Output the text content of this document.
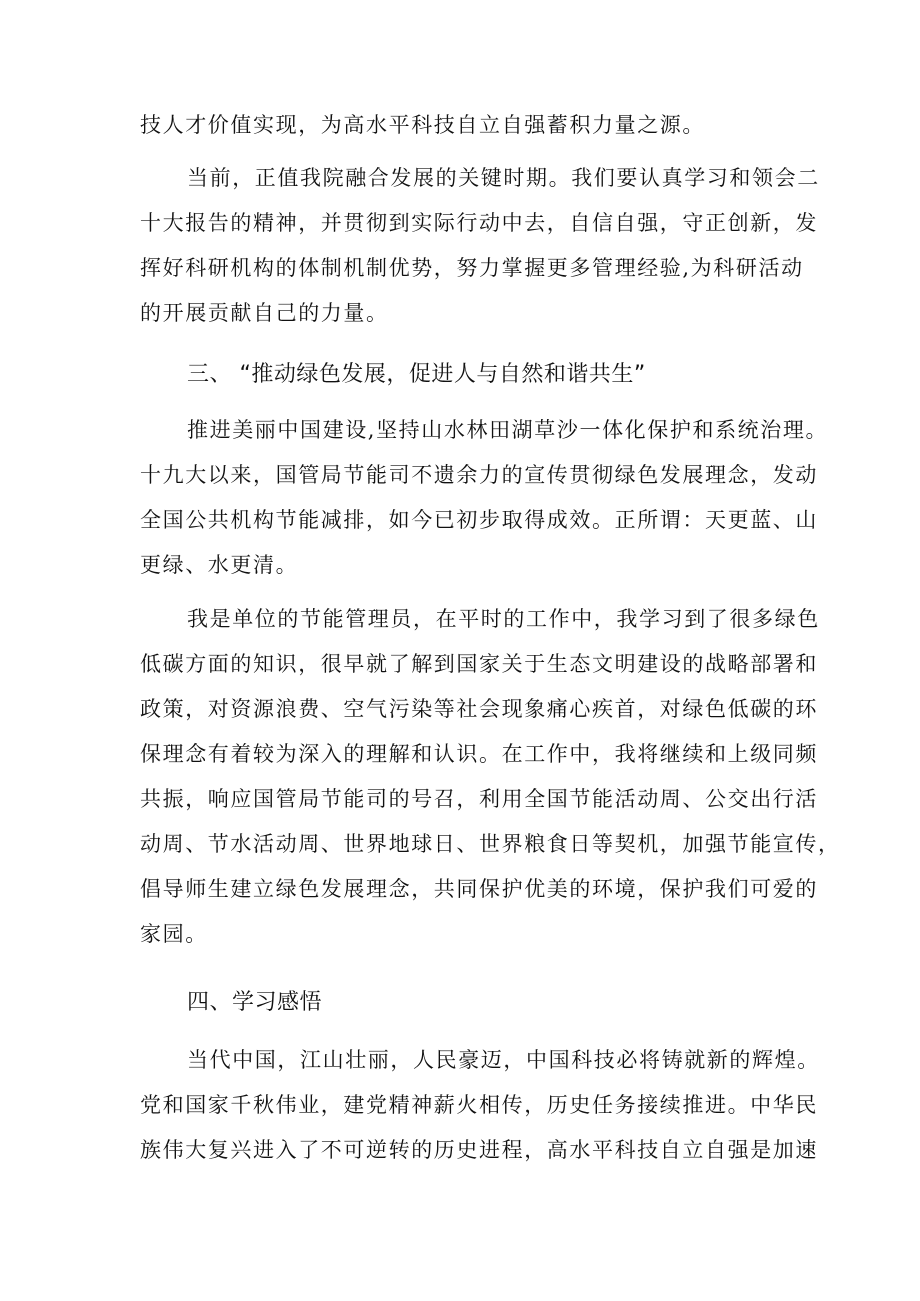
技人才价值实现，为高水平科技自立自强蓄积力量之源。
当前，正值我院融合发展的关键时期。我们要认真学习和领会二
十大报告的精神，并贯彻到实际行动中去，自信自强，守正创新，发
挥好科研机构的体制机制优势，努力掌握更多管理经验,为科研活动
的开展贡献自己的力量。
三、 “推动绿色发展，促进人与自然和谐共生”
推进美丽中国建设,坚持山水林田湖草沙一体化保护和系统治理。
十九大以来，国管局节能司不遗余力的宣传贯彻绿色发展理念，发动
全国公共机构节能减排，如今已初步取得成效。正所谓：天更蓝、山
更绿、水更清。
我是单位的节能管理员，在平时的工作中，我学习到了很多绿色
低碳方面的知识，很早就了解到国家关于生态文明建设的战略部署和
政策，对资源浪费、空气污染等社会现象痛心疾首，对绿色低碳的环
保理念有着较为深入的理解和认识。在工作中，我将继续和上级同频
共振，响应国管局节能司的号召，利用全国节能活动周、公交出行活
动周、节水活动周、世界地球日、世界粮食日等契机，加强节能宣传，
倡导师生建立绿色发展理念，共同保护优美的环境，保护我们可爱的
家园。
四、学习感悟
当代中国，江山壮丽，人民豪迈，中国科技必将铸就新的辉煌。
党和国家千秋伟业，建党精神薪火相传，历史任务接续推进。中华民
族伟大复兴进入了不可逆转的历史进程，高水平科技自立自强是加速
